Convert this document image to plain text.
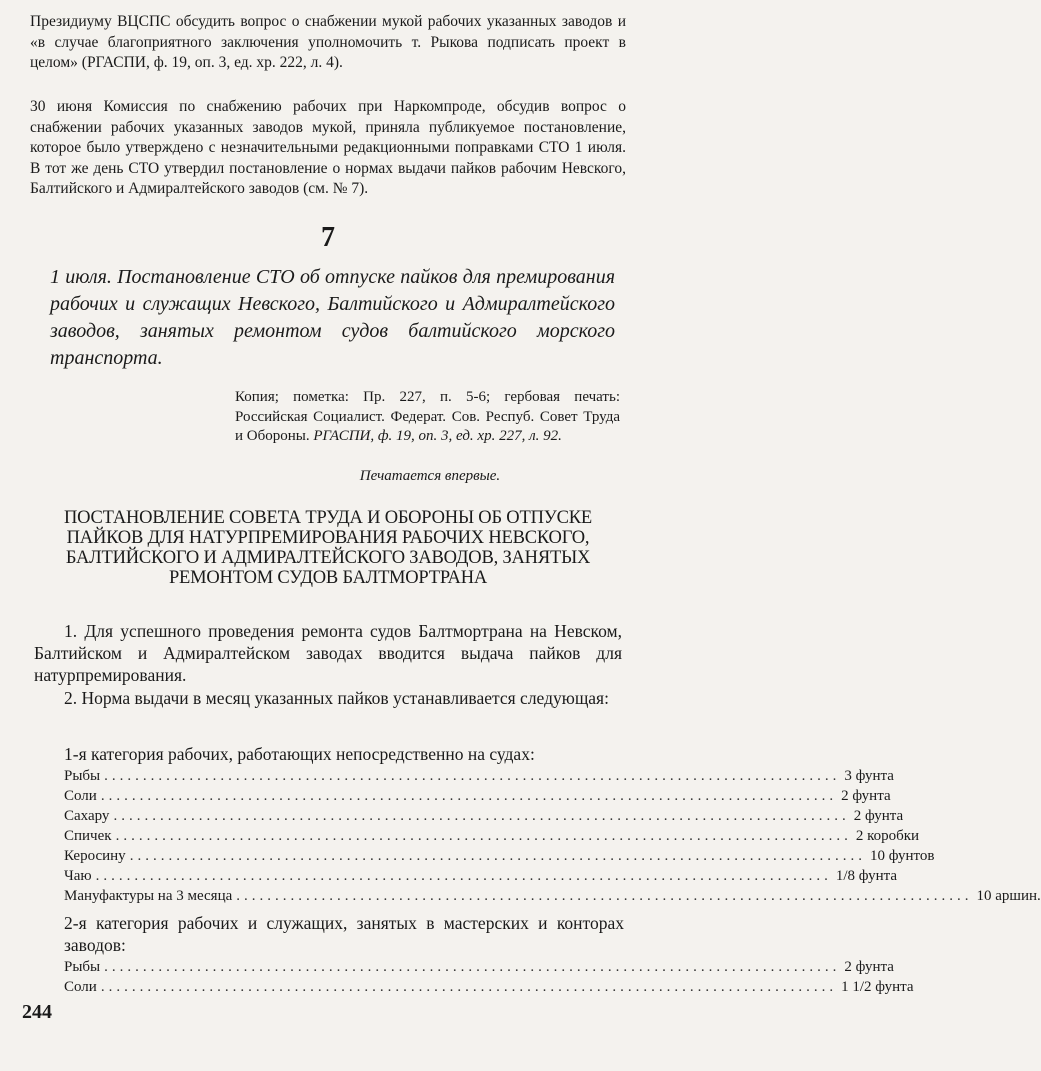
Президиуму ВЦСПС обсудить вопрос о снабжении мукой рабочих указанных заводов и «в случае благоприятного заключения уполномочить т. Рыкова подписать проект в целом» (РГАСПИ, ф. 19, оп. 3, ед. хр. 222, л. 4).

30 июня Комиссия по снабжению рабочих при Наркомпроде, обсудив вопрос о снабжении рабочих указанных заводов мукой, приняла публикуемое постановление, которое было утверждено с незначительными редакционными поправками СТО 1 июля. В тот же день СТО утвердил постановление о нормах выдачи пайков рабочим Невского, Балтийского и Адмиралтейского заводов (см. № 7).

7

1 июля. Постановление СТО об отпуске пайков для премирования рабочих и служащих Невского, Балтийского и Адмиралтейского заводов, занятых ремонтом судов балтийского морского транспорта.

Копия; пометка: Пр. 227, п. 5-6; гербовая печать: Российская Социалист. Федерат. Сов. Респуб. Совет Труда и Обороны. РГАСПИ, ф. 19, оп. 3, ед. хр. 227, л. 92.

Печатается впервые.
ПОСТАНОВЛЕНИЕ СОВЕТА ТРУДА И ОБОРОНЫ ОБ ОТПУСКЕ ПАЙКОВ ДЛЯ НАТУРПРЕМИРОВАНИЯ РАБОЧИХ НЕВСКОГО, БАЛТИЙСКОГО И АДМИРАЛТЕЙСКОГО ЗАВОДОВ, ЗАНЯТЫХ РЕМОНТОМ СУДОВ БАЛТМОРТРАНА

1. Для успешного проведения ремонта судов Балтмортрана на Невском, Балтийском и Адмиралтейском заводах вводится выдача пайков для натурпремирования.

2. Норма выдачи в месяц указанных пайков устанавливается следующая:

1-я категория рабочих, работающих непосредственно на судах:

Рыбы ............................................................................................... 3 фунта
Соли ............................................................................................... 2 фунта
Сахару ............................................................................................... 2 фунта
Спичек ............................................................................................... 2 коробки
Керосину ............................................................................................... 10 фунтов
Чаю ............................................................................................... 1/8 фунта
Мануфактуры на 3 месяца ............................................................................................... 10 аршин.

2-я категория рабочих и служащих, занятых в мастерских и конторах заводов:

Рыбы ............................................................................................... 2 фунта
Соли ............................................................................................... 1 1/2 фунта
244
